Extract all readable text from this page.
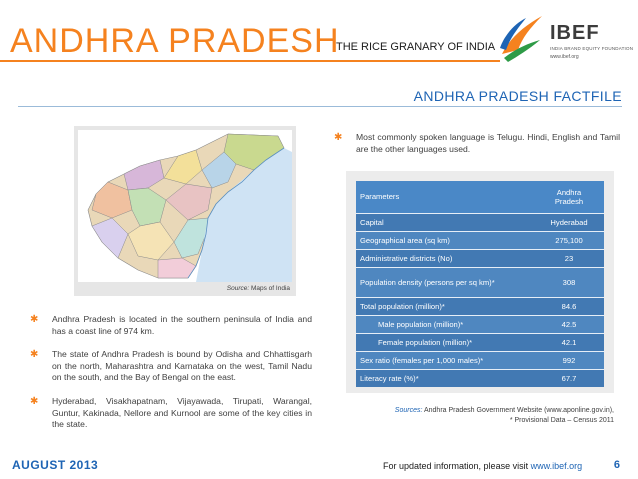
ANDHRA PRADESH
THE RICE GRANARY OF INDIA
IBEF
INDIA BRAND EQUITY FOUNDATION
www.ibef.org
ANDHRA PRADESH FACTFILE
Source: Maps of India
✱ Andhra Pradesh is located in the southern peninsula of India and has a coast line of 974 km.
✱ The state of Andhra Pradesh is bound by Odisha and Chhattisgarh on the north, Maharashtra and Karnataka on the west, Tamil Nadu on the south, and the Bay of Bengal on the east.
✱ Hyderabad, Visakhapatnam, Vijayawada, Tirupati, Warangal, Guntur, Kakinada, Nellore and Kurnool are some of the key cities in the state.
✱ Most commonly spoken language is Telugu. Hindi, English and Tamil are the other languages used.
Parameters	Andhra
Pradesh
Capital	Hyderabad
Geographical area (sq km)	275,100
Administrative districts (No)	23
Population density (persons per sq km)*	308
Total population (million)*	84.6
Male population (million)*	42.5
Female population (million)*	42.1
Sex ratio (females per 1,000 males)*	992
Literacy rate (%)*	67.7
Sources: Andhra Pradesh Government Website (www.aponline.gov.in),
* Provisional Data – Census 2011
AUGUST 2013	For updated information, please visit www.ibef.org	6
